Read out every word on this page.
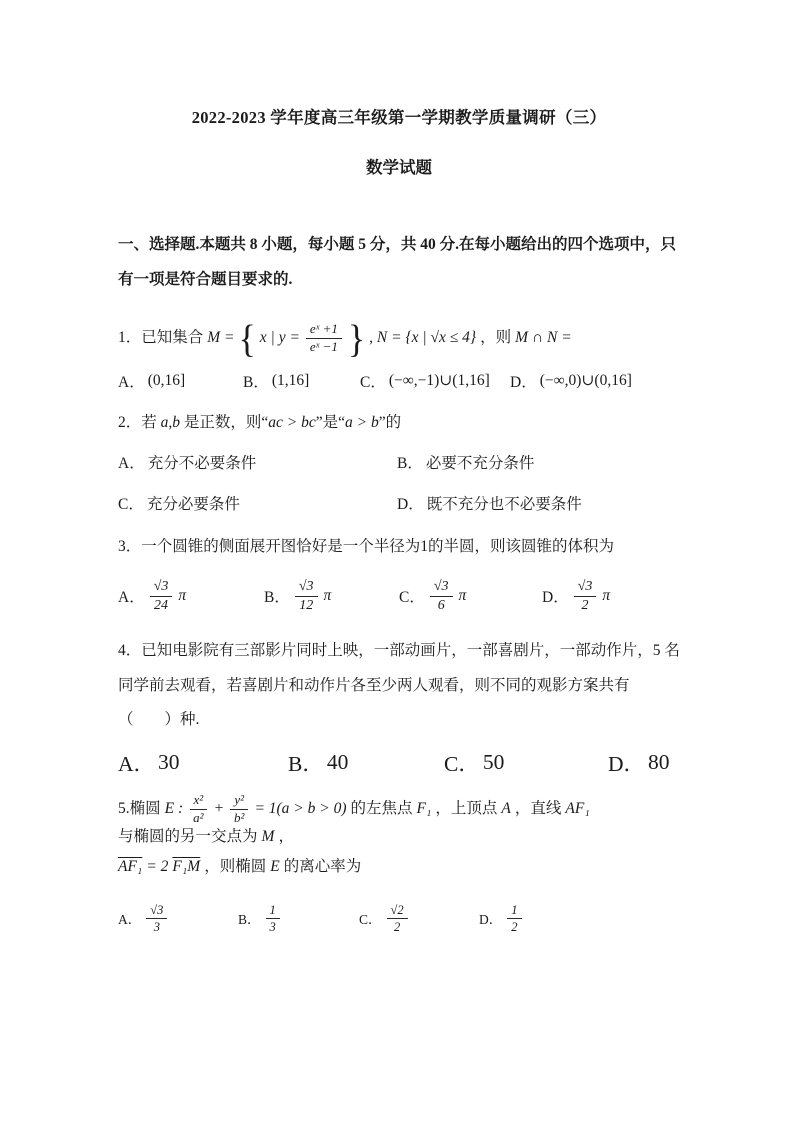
2022-2023 学年度高三年级第一学期教学质量调研（三）
数学试题
一、选择题.本题共 8 小题，每小题 5 分，共 40 分.在每小题给出的四个选项中，只有一项是符合题目要求的.
1．已知集合 M = { x | $y = \frac{\text{eˣ +1}}{\text{eˣ −1}}$ } , N = {x | √x ≤ 4} ，则 M ∩ N =
A． (0,16]	B． (1,16]	C． (−∞,−1)∪(1,16] D． (−∞,0)∪(0,16]
2．若 a,b 是正数，则“ac > bc”是“a > b”的
A． 充分不必要条件	B． 必要不充分条件
C． 充分必要条件	D． 既不充分也不必要条件
3．一个圆锥的侧面展开图恰好是一个半径为1的半圆，则该圆锥的体积为
A． $\frac{√3}{24}$ π	B． $\frac{√3}{12}$ π	C． $\frac{√3}{6}$ π	D． $\frac{√3}{2}$ π
4．已知电影院有三部影片同时上映，一部动画片，一部喜剧片，一部动作片，5 名同学前去观看，若喜剧片和动作片各至少两人观看，则不同的观影方案共有（　　）种.
A． 30	B． 40	C． 50	D． 80
5.椭圆 E : $\frac{\text{x²}}{\text{a²}} + \frac{\text{y²}}{\text{b²}} = 1(a > b > 0)$ 的左焦点 F₁ ，上顶点 A ，直线 AF₁
与椭圆的另一交点为 M ，
AF₁ = 2 F₁M ，则椭圆 E 的离心率为
A． $\frac{√3}{3}$	B． $\frac{1}{3}$	C． $\frac{√2}{2}$	D． $\frac{1}{2}$
